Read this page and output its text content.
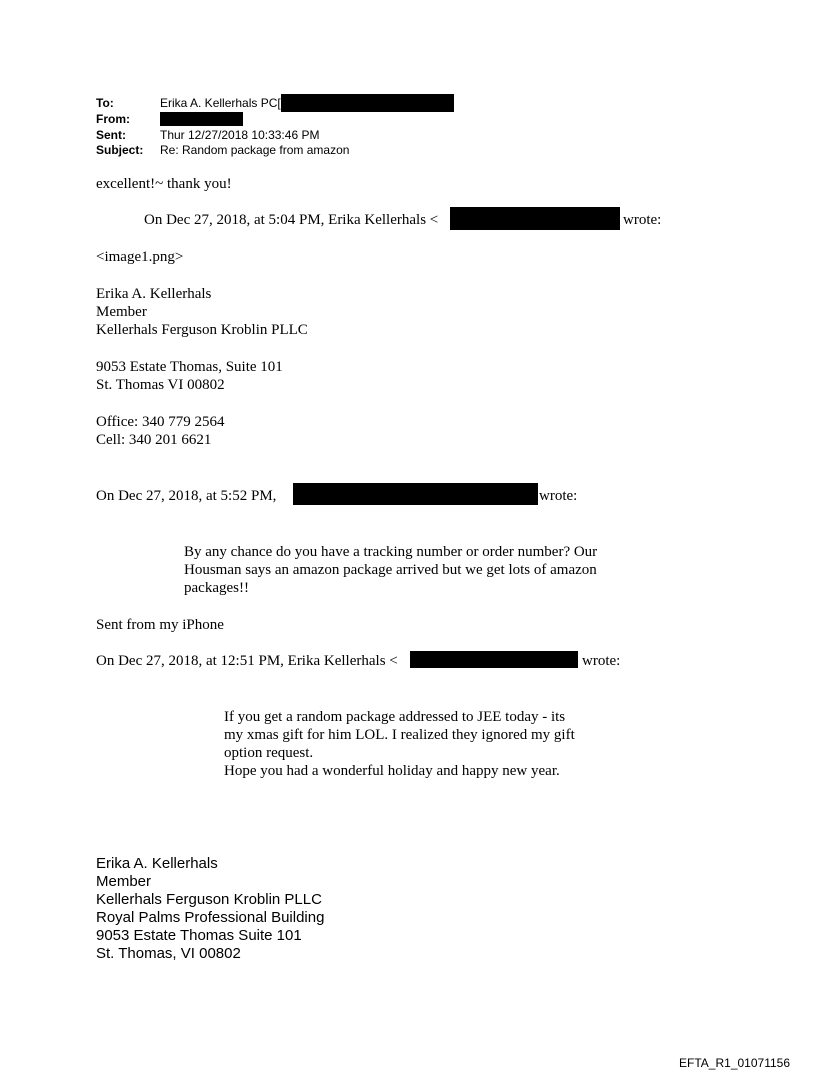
To:	Erika A. Kellerhals PC[
From:
Sent:	Thur 12/27/2018 10:33:46 PM
Subject: Re: Random package from amazon
excellent!~ thank you!
On Dec 27, 2018, at 5:04 PM, Erika Kellerhals <	wrote:
<image1.png>
Erika A. Kellerhals
Member
Kellerhals Ferguson Kroblin PLLC
9053 Estate Thomas, Suite 101
St. Thomas VI 00802
Office: 340 779 2564
Cell: 340 201 6621
On Dec 27, 2018, at 5:52 PM,	wrote:
By any chance do you have a tracking number or order number? Our
Housman says an amazon package arrived but we get lots of amazon
packages!!
Sent from my iPhone
On Dec 27, 2018, at 12:51 PM, Erika Kellerhals <	wrote:
If you get a random package addressed to JEE today - its
my xmas gift for him LOL. I realized they ignored my gift
option request.
Hope you had a wonderful holiday and happy new year.
Erika A. Kellerhals
Member
Kellerhals Ferguson Kroblin PLLC
Royal Palms Professional Building
9053 Estate Thomas Suite 101
St. Thomas, VI 00802
EFTA_R1_01071156
